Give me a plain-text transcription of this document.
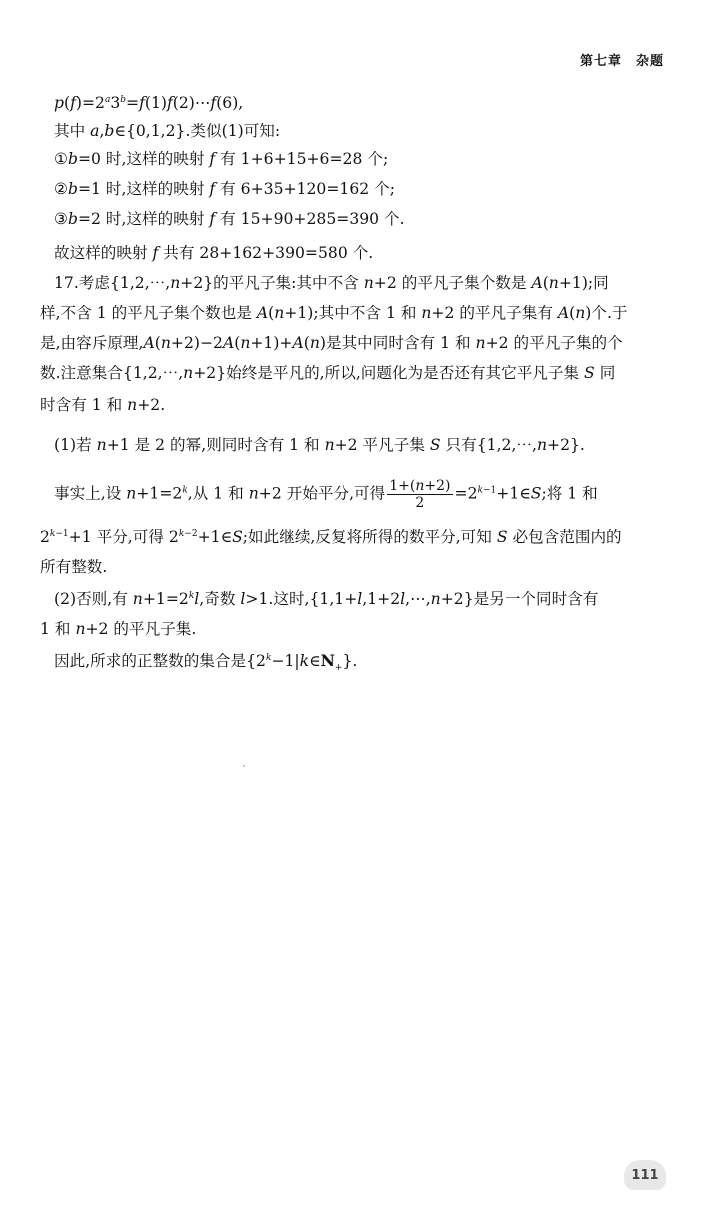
第七章　杂题
$p(f)=2^a3^b=f(1)f(2)\cdots f(6)$,
其中 a,b∈{0,1,2}.类似(1)可知:
①b=0 时,这样的映射 f 有 1+6+15+6=28 个;
②b=1 时,这样的映射 f 有 6+35+120=162 个;
③b=2 时,这样的映射 f 有 15+90+285=390 个.
故这样的映射 f 共有 28+162+390=580 个.
17.考虑{1,2,⋯,n+2}的平凡子集:其中不含 n+2 的平凡子集个数是 A(n+1);同
样,不含 1 的平凡子集个数也是 A(n+1);其中不含 1 和 n+2 的平凡子集有 A(n)个.于
是,由容斥原理,A(n+2)−2A(n+1)+A(n)是其中同时含有 1 和 n+2 的平凡子集的个
数.注意集合{1,2,⋯,n+2}始终是平凡的,所以,问题化为是否还有其它平凡子集 S 同
时含有 1 和 n+2.
(1)若 n+1 是 2 的幂,则同时含有 1 和 n+2 平凡子集 S 只有{1,2,⋯,n+2}.
事实上,设 $n+1=2^k$,从 1 和 n+2 开始平分,可得 $\frac{1+(n+2)}{2}$ $=2^{k-1}+1\in S$;将 1 和
$2^{k-1}+1$ 平分,可得 $2^{k-2}+1\in S$;如此继续,反复将所得的数平分,可知 S 必包含范围内的
所有整数.
(2)否则,有 $n+1=2^kl$,奇数 l>1.这时,{1,1+l,1+2l,⋯,n+2}是另一个同时含有
1 和 n+2 的平凡子集.
因此,所求的正整数的集合是$\{2^k-1|k\in N_+\}$.
111
